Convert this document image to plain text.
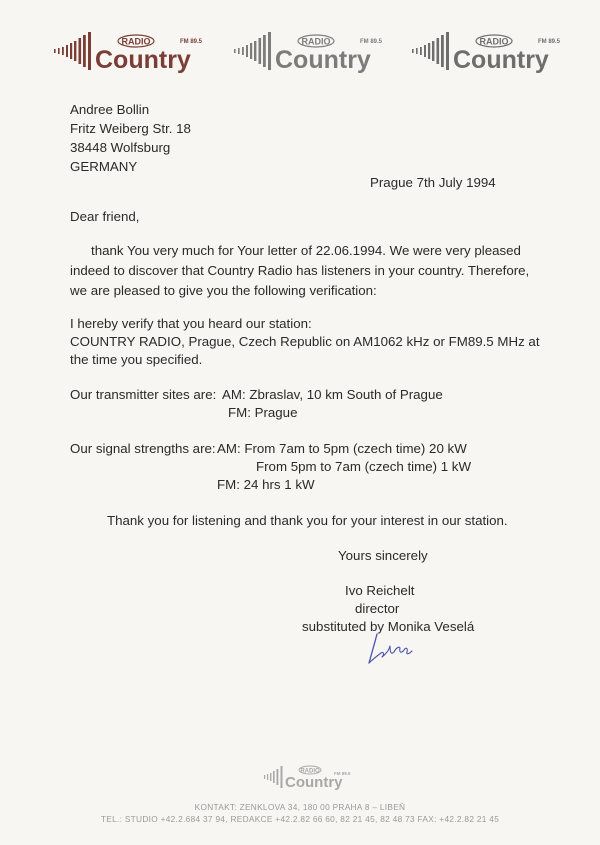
RADIO	FM 89.5
Country
RADIO	FM 89.5
Country
RADIO	FM 89.5
Country
Andree Bollin
Fritz Weiberg Str. 18
38448 Wolfsburg
GERMANY
Prague 7th July 1994
Dear friend,
thank You very much for Your letter of 22.06.1994. We were very pleased
indeed to discover that Country Radio has listeners in your country. Therefore,
we are pleased to give you the following verification:
I hereby verify that you heard our station:
COUNTRY RADIO, Prague, Czech Republic on AM1062 kHz or FM89.5 MHz at
the time you specified.
Our transmitter sites are: AM: Zbraslav, 10 km South of Prague
FM: Prague
Our signal strengths are: AM: From 7am to 5pm (czech time) 20 kW
From 5pm to 7am (czech time) 1 kW
FM: 24 hrs 1 kW
Thank you for listening and thank you for your interest in our station.
Yours sincerely
Ivo Reichelt
director
substituted by Monika Veselá
RADIO
Country
FM 89.5
KONTAKT: ZENKLOVA 34, 180 00 PRAHA 8 – LIBEŇ
TEL.: STUDIO +42.2.684 37 94, REDAKCE +42.2.82 66 60, 82 21 45, 82 48 73 FAX: +42.2.82 21 45
